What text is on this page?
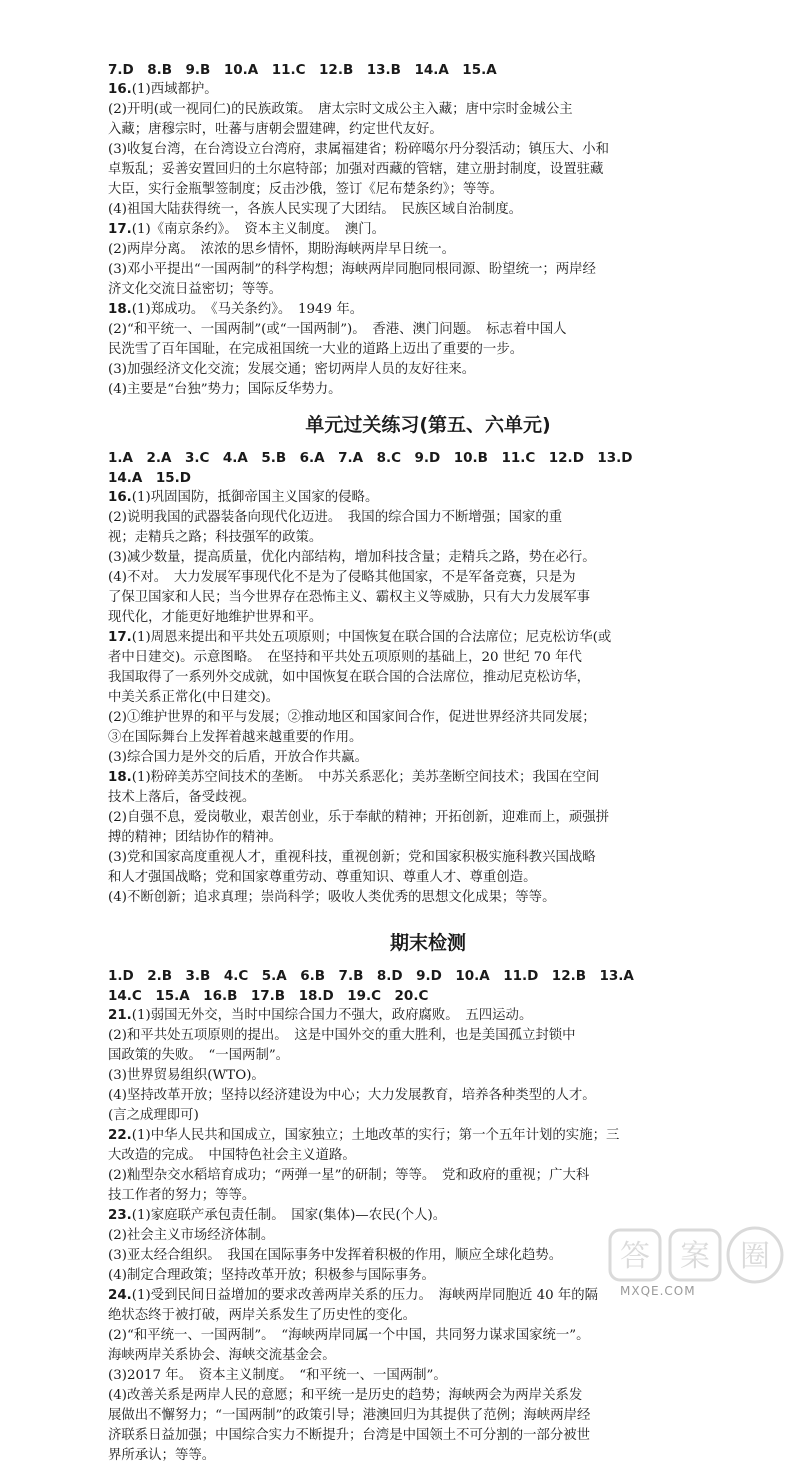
7.D　8.B　9.B　10.A　11.C　12.B　13.B　14.A　15.A
16.(1)西域都护。
(2)开明(或一视同仁)的民族政策。　唐太宗时文成公主入藏；唐中宗时金城公主
入藏；唐穆宗时，吐蕃与唐朝会盟建碑，约定世代友好。
(3)收复台湾，在台湾设立台湾府，隶属福建省；粉碎噶尔丹分裂活动；镇压大、小和
卓叛乱；妥善安置回归的土尔扈特部；加强对西藏的管辖，建立册封制度，设置驻藏
大臣，实行金瓶掣签制度；反击沙俄，签订《尼布楚条约》；等等。
(4)祖国大陆获得统一，各族人民实现了大团结。　民族区域自治制度。
17.(1)《南京条约》。　资本主义制度。　澳门。
(2)两岸分离。　浓浓的思乡情怀，期盼海峡两岸早日统一。
(3)邓小平提出“一国两制”的科学构想；海峡两岸同胞同根同源、盼望统一；两岸经
济文化交流日益密切；等等。
18.(1)郑成功。　《马关条约》。　1949 年。
(2)“和平统一、一国两制”(或“一国两制”)。　香港、澳门问题。　标志着中国人
民洗雪了百年国耻，在完成祖国统一大业的道路上迈出了重要的一步。
(3)加强经济文化交流；发展交通；密切两岸人员的友好往来。
(4)主要是“台独”势力；国际反华势力。
单元过关练习(第五、六单元)
1.A　2.A　3.C　4.A　5.B　6.A　7.A　8.C　9.D　10.B　11.C　12.D　13.D
14.A　15.D
16.(1)巩固国防，抵御帝国主义国家的侵略。
(2)说明我国的武器装备向现代化迈进。　我国的综合国力不断增强；国家的重
视；走精兵之路；科技强军的政策。
(3)减少数量，提高质量，优化内部结构，增加科技含量；走精兵之路，势在必行。
(4)不对。　大力发展军事现代化不是为了侵略其他国家，不是军备竞赛，只是为
了保卫国家和人民；当今世界存在恐怖主义、霸权主义等威胁，只有大力发展军事
现代化，才能更好地维护世界和平。
17.(1)周恩来提出和平共处五项原则；中国恢复在联合国的合法席位；尼克松访华(或
者中日建交)。示意图略。　在坚持和平共处五项原则的基础上，20 世纪 70 年代
我国取得了一系列外交成就，如中国恢复在联合国的合法席位，推动尼克松访华，
中美关系正常化(中日建交)。
(2)①维护世界的和平与发展；②推动地区和国家间合作，促进世界经济共同发展；
③在国际舞台上发挥着越来越重要的作用。
(3)综合国力是外交的后盾，开放合作共赢。
18.(1)粉碎美苏空间技术的垄断。　中苏关系恶化；美苏垄断空间技术；我国在空间
技术上落后，备受歧视。
(2)自强不息，爱岗敬业，艰苦创业，乐于奉献的精神；开拓创新，迎难而上，顽强拼
搏的精神；团结协作的精神。
(3)党和国家高度重视人才，重视科技，重视创新；党和国家积极实施科教兴国战略
和人才强国战略；党和国家尊重劳动、尊重知识、尊重人才、尊重创造。
(4)不断创新；追求真理；崇尚科学；吸收人类优秀的思想文化成果；等等。
期末检测
1.D　2.B　3.B　4.C　5.A　6.B　7.B　8.D　9.D　10.A　11.D　12.B　13.A
14.C　15.A　16.B　17.B　18.D　19.C　20.C
21.(1)弱国无外交，当时中国综合国力不强大，政府腐败。　五四运动。
(2)和平共处五项原则的提出。　这是中国外交的重大胜利，也是美国孤立封锁中
国政策的失败。　“一国两制”。
(3)世界贸易组织(WTO)。
(4)坚持改革开放；坚持以经济建设为中心；大力发展教育，培养各种类型的人才。
(言之成理即可)
22.(1)中华人民共和国成立，国家独立；土地改革的实行；第一个五年计划的实施；三
大改造的完成。　中国特色社会主义道路。
(2)籼型杂交水稻培育成功；“两弹一星”的研制；等等。　党和政府的重视；广大科
技工作者的努力；等等。
23.(1)家庭联产承包责任制。　国家(集体)—农民(个人)。
(2)社会主义市场经济体制。
(3)亚太经合组织。　我国在国际事务中发挥着积极的作用，顺应全球化趋势。
(4)制定合理政策；坚持改革开放；积极参与国际事务。
24.(1)受到民间日益增加的要求改善两岸关系的压力。　海峡两岸同胞近 40 年的隔
绝状态终于被打破，两岸关系发生了历史性的变化。
(2)“和平统一、一国两制”。　“海峡两岸同属一个中国，共同努力谋求国家统一”。
海峡两岸关系协会、海峡交流基金会。
(3)2017 年。　资本主义制度。　“和平统一、一国两制”。
(4)改善关系是两岸人民的意愿；和平统一是历史的趋势；海峡两会为两岸关系发
展做出不懈努力；“一国两制”的政策引导；港澳回归为其提供了范例；海峡两岸经
济联系日益加强；中国综合实力不断提升；台湾是中国领土不可分割的一部分被世
界所承认；等等。
答 案 圈
MXQE.COM
